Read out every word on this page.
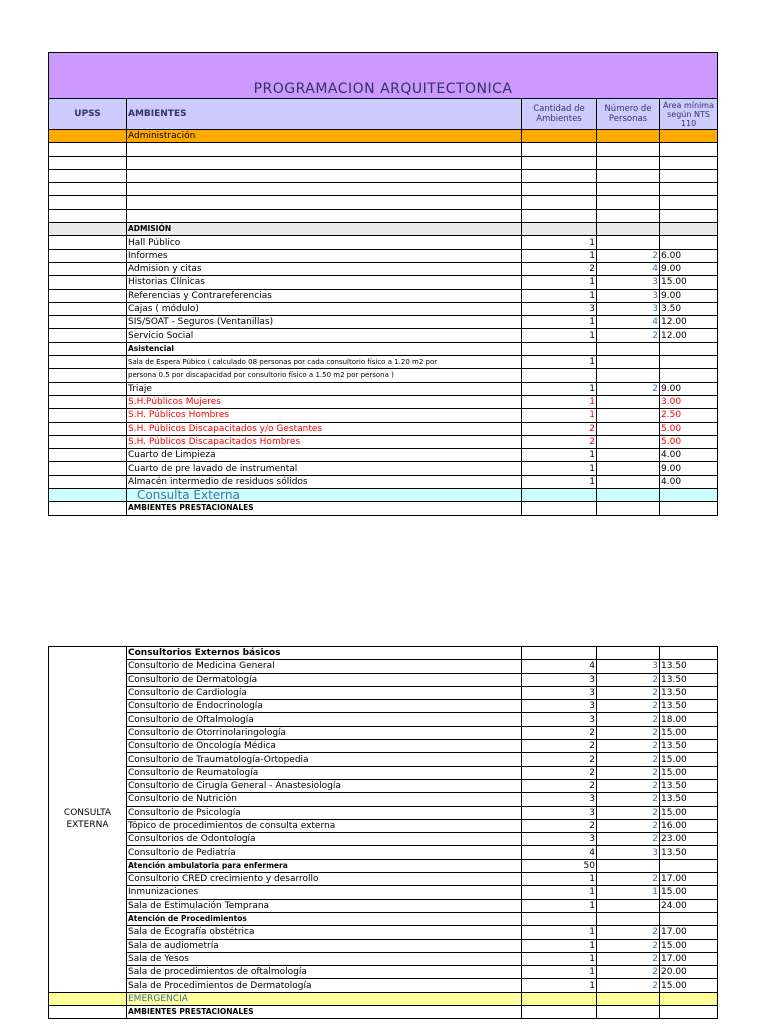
PROGRAMACION ARQUITECTONICA				

UPSS	AMBIENTES	Cantidad de Ambientes	Número de Personas	Área mínima según NTS 110
	Administración			

	ADMISIÓN			
	Hall Público	1		
	Informes	1	2	6.00
	Admision y citas	2	4	9.00
	Historias Clínicas	1	3	15.00
	Referencias y Contrareferencias	1	3	9.00
	Cajas ( módulo)	3	3	3.50
	SIS/SOAT - Seguros (Ventanillas)	1	4	12.00
	Servicio Social	1	2	12.00
	Asistencial			
	Sala de Espera Púbico ( calculado 08 personas por cada consultorio físico a 1.20 m2 por	1		
	persona 0.5 por discapacidad por consultorio físico a 1.50 m2 por persona )			
	Triaje	1	2	9.00
	S.H.Públicos Mujeres	1		3.00
	S.H. Públicos Hombres	1		2.50
	S.H. Públicos Discapacitados y/o Gestantes	2		5.00
	S.H. Públicos Discapacitados Hombres	2		5.00
	Cuarto de Limpieza	1		4.00
	Cuarto de pre lavado de instrumental	1		9.00
	Almacén intermedio de residuos sólidos	1		4.00
	Consulta Externa			
	AMBIENTES PRESTACIONALES			
CONSULTA EXTERNA	Consultorios Externos básicos			
	Consultorio de Medicina General	4	3	13.50
	Consultorio de Dermatología	3	2	13.50
	Consultorio de Cardiología	3	2	13.50
	Consultorio de Endocrinología	3	2	13.50
	Consultorio de Oftalmología	3	2	18.00
	Consultorio de Otorrinolaringología	2	2	15.00
	Consultorio de Oncología Médica	2	2	13.50
	Consultorio de Traumatología-Ortopedia	2	2	15.00
	Consultorio de Reumatología	2	2	15.00
	Consultorio de Cirugía General - Anastesiología	2	2	13.50
	Consultorio de Nutrición	3	2	13.50
	Consultorio de Psicología	3	2	15.00
	Tópico de procedimientos de consulta externa	2	2	16.00
	Consultorios de Odontología	3	2	23.00
	Consultorio de Pediatría	4	3	13.50
	Atención ambulatoria para enfermera	50		
	Consultorio CRED crecimiento y desarrollo	1	2	17.00
	Inmunizaciones	1	1	15.00
	Sala de Estimulación Temprana	1		24.00
	Atención de Procedimientos			
	Sala de Ecografía obstétrica	1	2	17.00
	Sala de audiometría	1	2	15.00
	Sala de Yesos	1	2	17.00
	Sala de procedimientos de oftalmología	1	2	20.00
	Sala de Procedimientos de Dermatología	1	2	15.00
	EMERGENCIA			
	AMBIENTES PRESTACIONALES			
